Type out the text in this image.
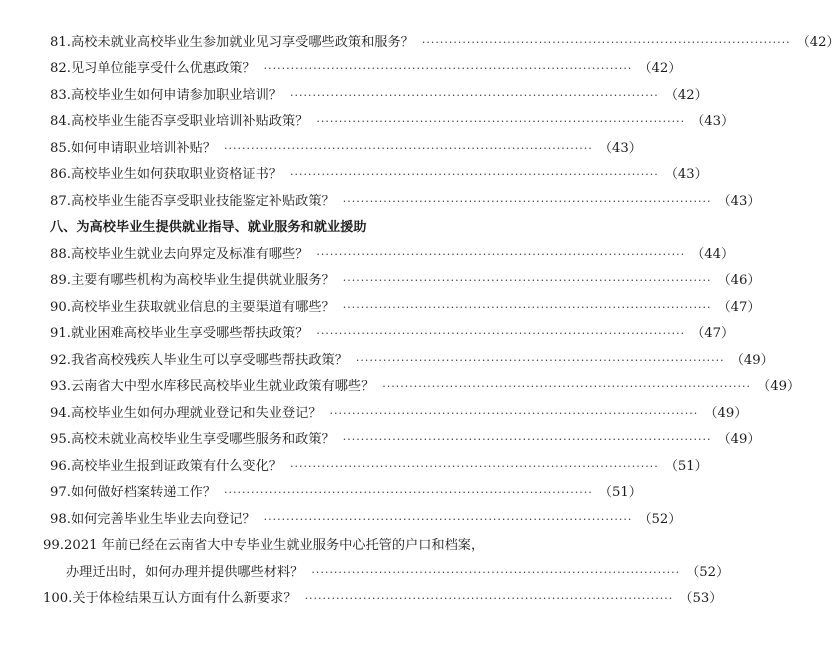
81. 高校未就业高校毕业生参加就业见习享受哪些政策和服务？ ·················································································· （42）
82. 见习单位能享受什么优惠政策？ ·················································································· （42）
83. 高校毕业生如何申请参加职业培训？ ·················································································· （42）
84. 高校毕业生能否享受职业培训补贴政策？ ·················································································· （43）
85. 如何申请职业培训补贴？ ·················································································· （43）
86. 高校毕业生如何获取职业资格证书？ ·················································································· （43）
87. 高校毕业生能否享受职业技能鉴定补贴政策？ ·················································································· （43）
八、为高校毕业生提供就业指导、就业服务和就业援助
88. 高校毕业生就业去向界定及标准有哪些？ ·················································································· （44）
89. 主要有哪些机构为高校毕业生提供就业服务？ ·················································································· （46）
90. 高校毕业生获取就业信息的主要渠道有哪些？ ·················································································· （47）
91. 就业困难高校毕业生享受哪些帮扶政策？ ·················································································· （47）
92. 我省高校残疾人毕业生可以享受哪些帮扶政策？ ·················································································· （49）
93. 云南省大中型水库移民高校毕业生就业政策有哪些？ ·················································································· （49）
94. 高校毕业生如何办理就业登记和失业登记？ ·················································································· （49）
95. 高校未就业高校毕业生享受哪些服务和政策？ ·················································································· （49）
96. 高校毕业生报到证政策有什么变化？ ·················································································· （51）
97. 如何做好档案转递工作？ ·················································································· （51）
98. 如何完善毕业生毕业去向登记？ ·················································································· （52）
99. 2021 年前已经在云南省大中专毕业生就业服务中心托管的户口和档案，
办理迁出时，如何办理并提供哪些材料？ ·················································································· （52）
100. 关于体检结果互认方面有什么新要求？ ·················································································· （53）
